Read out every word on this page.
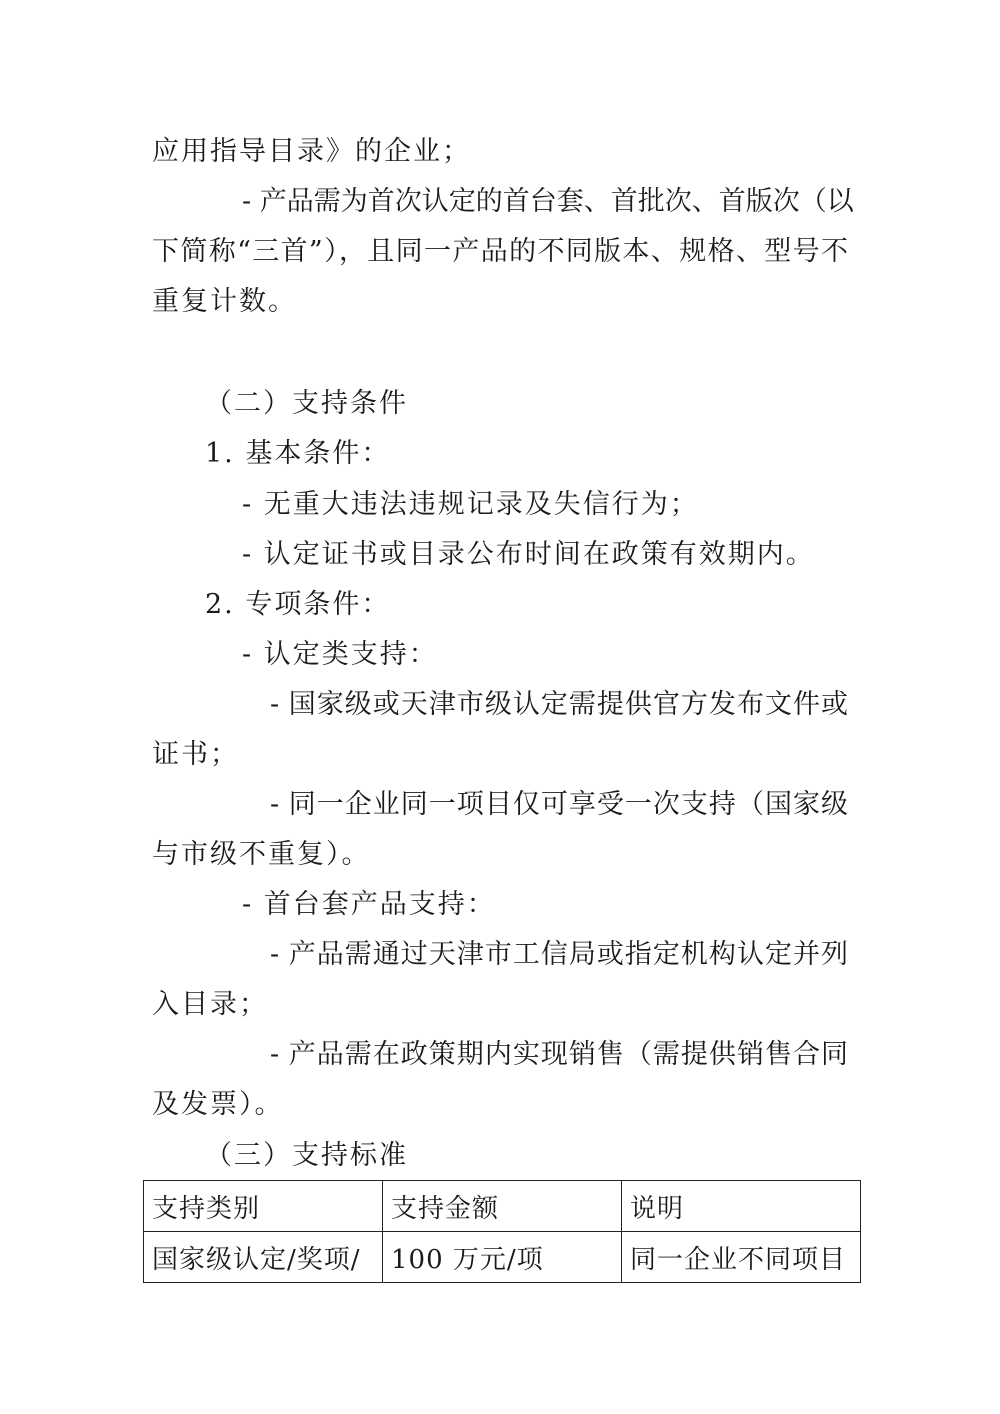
应用指导目录》的企业；
- 产品需为首次认定的首台套、首批次、首版次（以
下简称“三首”），且同一产品的不同版本、规格、型号不
重复计数。
（二）支持条件
1. 基本条件：
- 无重大违法违规记录及失信行为；
- 认定证书或目录公布时间在政策有效期内。
2. 专项条件：
- 认定类支持：
- 国家级或天津市级认定需提供官方发布文件或
证书；
- 同一企业同一项目仅可享受一次支持（国家级
与市级不重复）。
- 首台套产品支持：
- 产品需通过天津市工信局或指定机构认定并列
入目录；
- 产品需在政策期内实现销售（需提供销售合同
及发票）。
（三）支持标准
支持类别	支持金额	说明
国家级认定/奖项/	100 万元/项	同一企业不同项目
